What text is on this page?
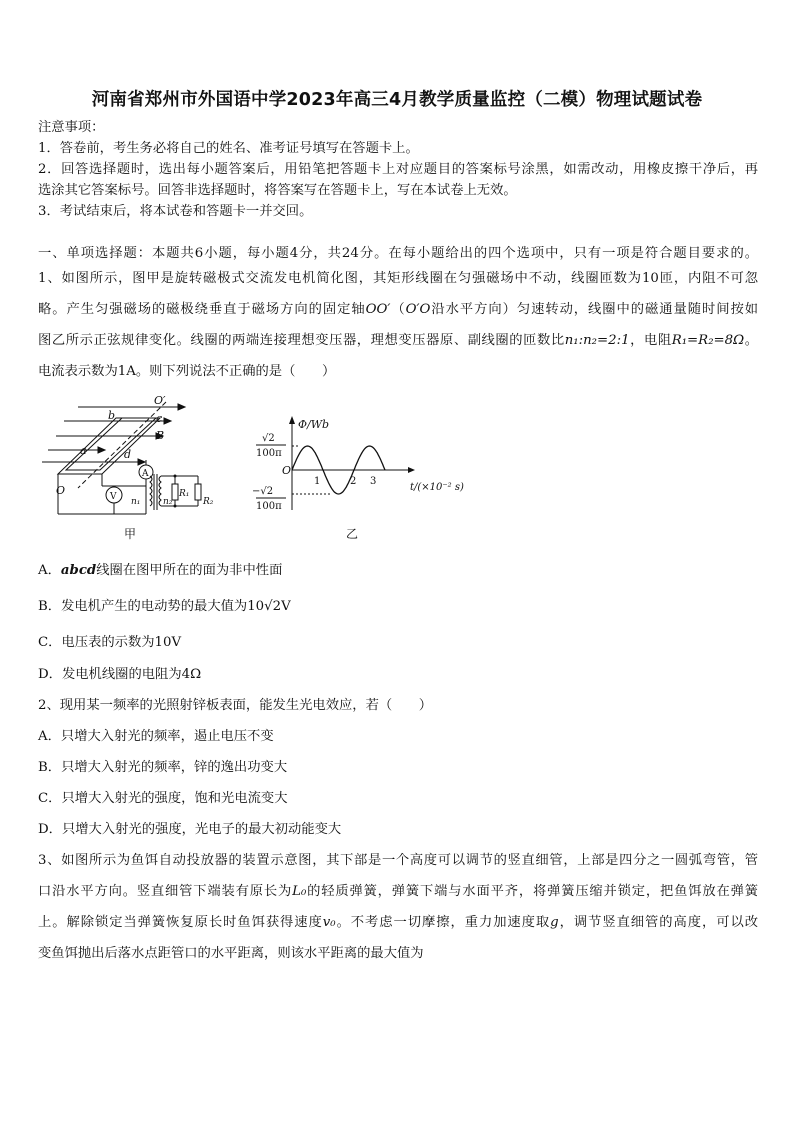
河南省郑州市外国语中学2023年高三4月教学质量监控（二模）物理试题试卷
注意事项：
1．答卷前，考生务必将自己的姓名、准考证号填写在答题卡上。
2．回答选择题时，选出每小题答案后，用铅笔把答题卡上对应题目的答案标号涂黑，如需改动，用橡皮擦干净后，再
选涂其它答案标号。回答非选择题时，将答案写在答题卡上，写在本试卷上无效。
3．考试结束后，将本试卷和答题卡一并交回。
一、单项选择题：本题共6小题，每小题4分，共24分。在每小题给出的四个选项中，只有一项是符合题目要求的。
1、如图所示，图甲是旋转磁极式交流发电机简化图，其矩形线圈在匀强磁场中不动，线圈匝数为10匝，内阻不可忽
略。产生匀强磁场的磁极绕垂直于磁场方向的固定轴OO′（O′O沿水平方向）匀速转动，线圈中的磁通量随时间按如
图乙所示正弦规律变化。线圈的两端连接理想变压器，理想变压器原、副线圈的匝数比n₁:n₂=2:1，电阻R₁=R₂=8Ω。
电流表示数为1A。则下列说法不正确的是（　　）
O′
b	c
B
a	d
O
A
V n₁	n₂
R₁
R₂
甲
Φ/Wb
O
1	2 3
t/(×10⁻² s)
√2
100π
−√2
100π
乙
A．abcd线圈在图甲所在的面为非中性面
B．发电机产生的电动势的最大值为10√2V
C．电压表的示数为10V
D．发电机线圈的电阻为4Ω
2、现用某一频率的光照射锌板表面，能发生光电效应，若（　　）
A．只增大入射光的频率，遏止电压不变
B．只增大入射光的频率，锌的逸出功变大
C．只增大入射光的强度，饱和光电流变大
D．只增大入射光的强度，光电子的最大初动能变大
3、如图所示为鱼饵自动投放器的装置示意图，其下部是一个高度可以调节的竖直细管，上部是四分之一圆弧弯管，管
口沿水平方向。竖直细管下端装有原长为L₀的轻质弹簧，弹簧下端与水面平齐，将弹簧压缩并锁定，把鱼饵放在弹簧
上。解除锁定当弹簧恢复原长时鱼饵获得速度v₀。不考虑一切摩擦，重力加速度取g，调节竖直细管的高度，可以改
变鱼饵抛出后落水点距管口的水平距离，则该水平距离的最大值为
